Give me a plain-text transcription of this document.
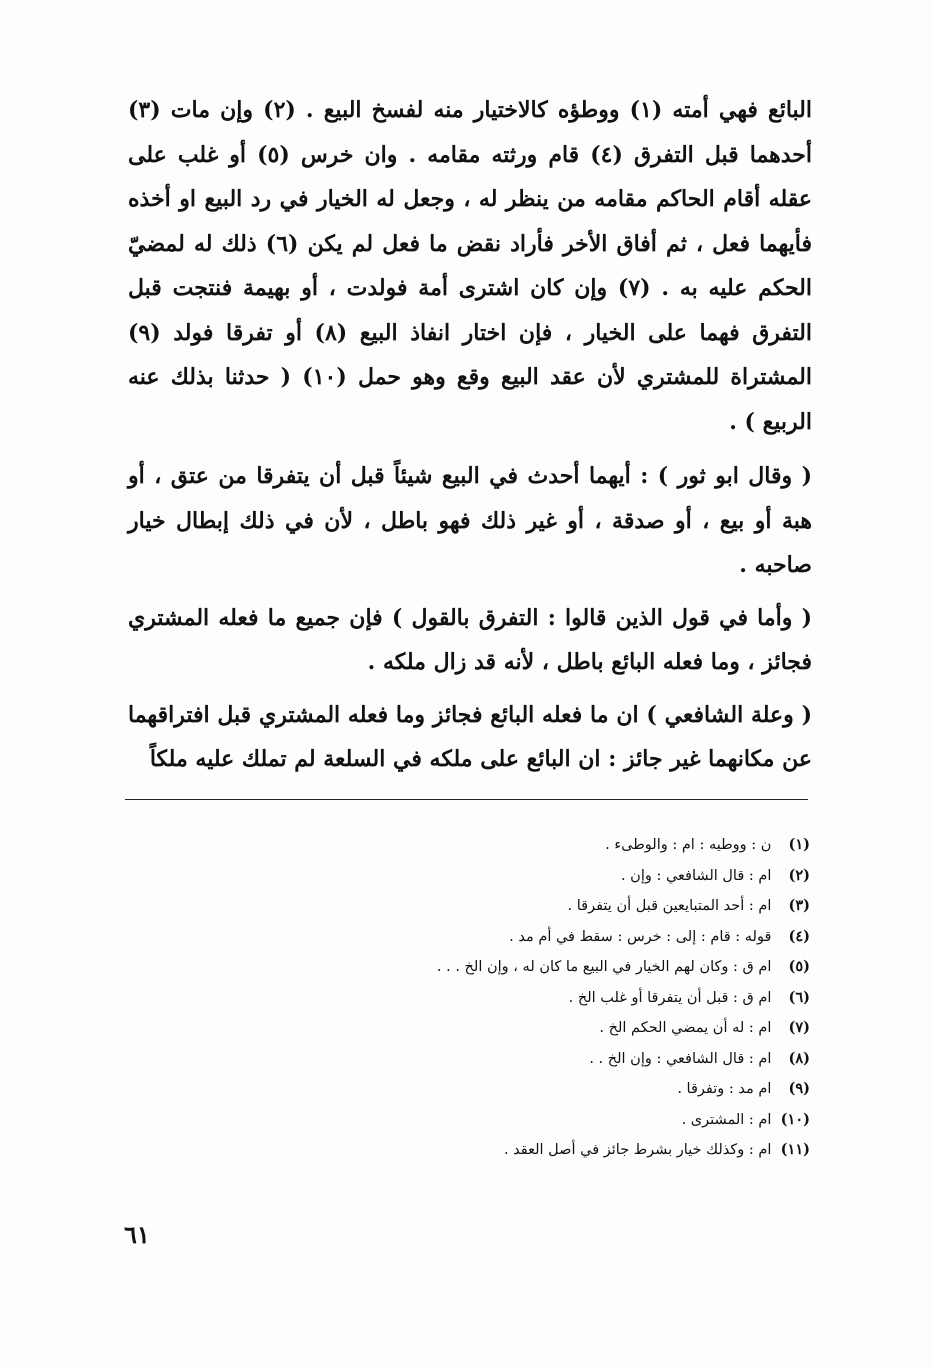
البائع فهي أمته (١) ووطؤه كالاختيار منه لفسخ البيع . (٢) وإن مات (٣) أحدهما قبل التفرق (٤) قام ورثته مقامه . وان خرس (٥) أو غلب على عقله أقام الحاكم مقامه من ينظر له ، وجعل له الخيار في رد البيع او أخذه فأيهما فعل ، ثم أفاق الأخر فأراد نقض ما فعل لم يكن (٦) ذلك له لمضيّ الحكم عليه به . (٧) وإن كان اشترى أمة فولدت ، أو بهيمة فنتجت قبل التفرق فهما على الخيار ، فإن اختار انفاذ البيع (٨) أو تفرقا فولد (٩) المشتراة للمشتري لأن عقد البيع وقع وهو حمل (١٠) ( حدثنا بذلك عنه الربيع ) .

( وقال ابو ثور ) : أيهما أحدث في البيع شيئاً قبل أن يتفرقا من عتق ، أو هبة أو بيع ، أو صدقة ، أو غير ذلك فهو باطل ، لأن في ذلك إبطال خيار صاحبه .

( وأما في قول الذين قالوا : التفرق بالقول ) فإن جميع ما فعله المشتري فجائز ، وما فعله البائع باطل ، لأنه قد زال ملكه .

( وعلة الشافعي ) ان ما فعله البائع فجائز وما فعله المشتري قبل افتراقهما عن مكانهما غير جائز : ان البائع على ملكه في السلعة لم تملك عليه ملكاً

(١) ن : ووطيه : ام : والوطىء .
(٢) ام : قال الشافعي : وإن .
(٣) ام : أحد المتبايعين قبل أن يتفرقا .
(٤) قوله : قام : إلى : خرس : سقط في أم مد .
(٥) ام ق : وكان لهم الخيار في البيع ما كان له ، وإن الخ . . .
(٦) ام ق : قبل أن يتفرقا أو غلب الخ .
(٧) ام : له أن يمضي الحكم الخ .
(٨) ام : قال الشافعي : وإن الخ . .
(٩) ام مد : وتفرقا .
(١٠) ام : المشترى .
(١١) ام : وكذلك خيار بشرط جائز في أصل العقد .
٦١
